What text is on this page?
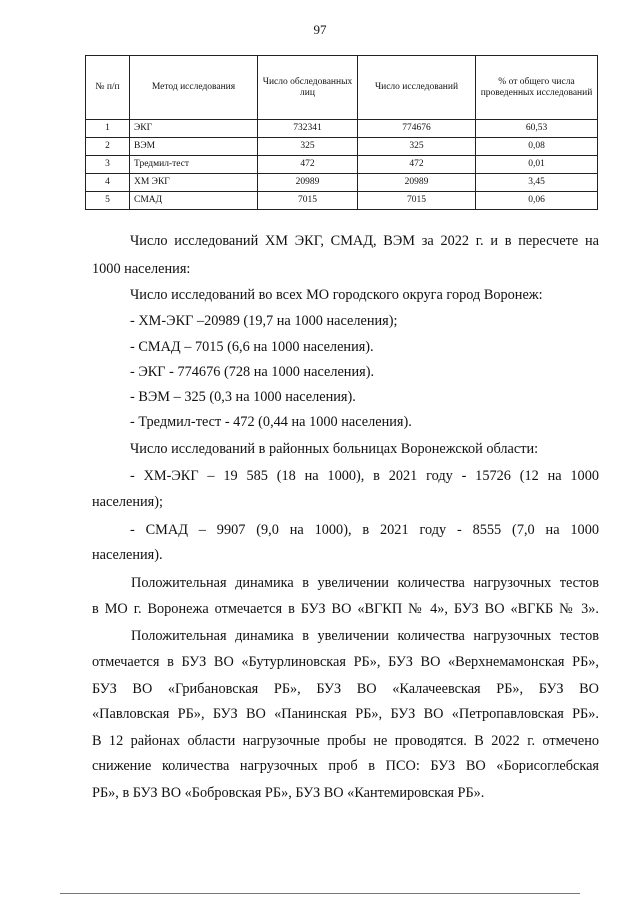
97
№ п/п	Метод исследования	Число обследованных лиц	Число исследований	% от общего числа проведенных исследований
1	ЭКГ	732341	774676	60,53
2	ВЭМ	325	325	0,08
3	Тредмил-тест	472	472	0,01
4	ХМ ЭКГ	20989	20989	3,45
5	СМАД	7015	7015	0,06
Число исследований ХМ ЭКГ, СМАД, ВЭМ за 2022 г. и в пересчете на
1000 населения:
Число исследований во всех МО городского округа город Воронеж:
- ХМ-ЭКГ –20989 (19,7 на 1000 населения);
- СМАД – 7015 (6,6 на 1000 населения).
- ЭКГ - 774676 (728 на 1000 населения).
- ВЭМ – 325 (0,3 на 1000 населения).
- Тредмил-тест - 472 (0,44 на 1000 населения).
Число исследований в районных больницах Воронежской области:
- ХМ-ЭКГ – 19 585 (18 на 1000), в 2021 году - 15726 (12 на 1000
населения);
- СМАД – 9907 (9,0 на 1000), в 2021 году - 8555 (7,0 на 1000
населения).
Положительная динамика в увеличении количества нагрузочных тестов
в МО г. Воронежа отмечается в БУЗ ВО «ВГКП № 4», БУЗ ВО «ВГКБ № 3».
Положительная динамика в увеличении количества нагрузочных тестов
отмечается в БУЗ ВО «Бутурлиновская РБ», БУЗ ВО «Верхнемамонская РБ»,
БУЗ ВО «Грибановская РБ», БУЗ ВО «Калачеевская РБ», БУЗ ВО
«Павловская РБ», БУЗ ВО «Панинская РБ», БУЗ ВО «Петропавловская РБ».
В 12 районах области нагрузочные пробы не проводятся. В 2022 г. отмечено
снижение количества нагрузочных проб в ПСО: БУЗ ВО «Борисоглебская
РБ», в БУЗ ВО «Бобровская РБ», БУЗ ВО «Кантемировская РБ».
